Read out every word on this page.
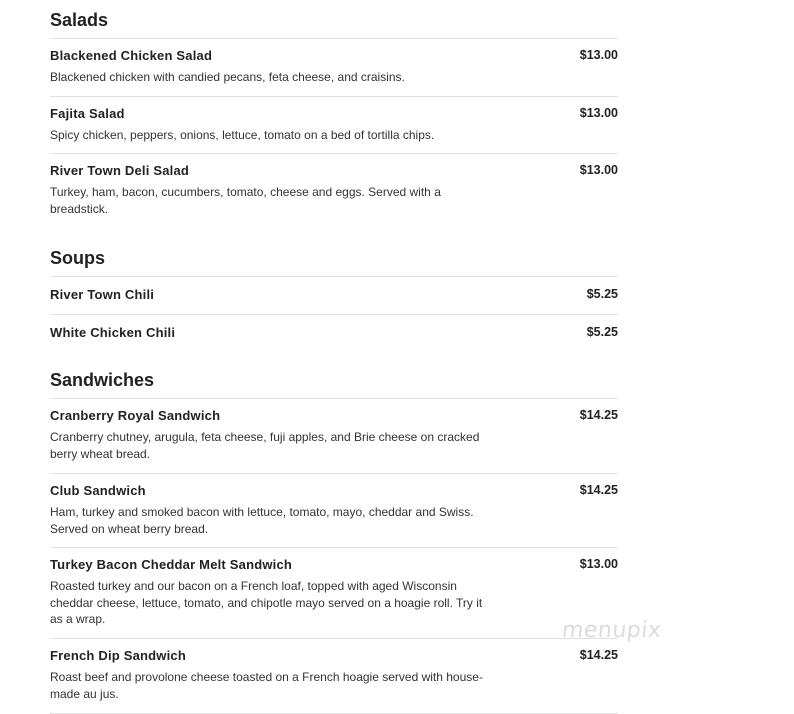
Salads
Blackened Chicken Salad	$13.00
Blackened chicken with candied pecans, feta cheese, and craisins.
Fajita Salad	$13.00
Spicy chicken, peppers, onions, lettuce, tomato on a bed of tortilla chips.
River Town Deli Salad	$13.00
Turkey, ham, bacon, cucumbers, tomato, cheese and eggs. Served with a breadstick.
Soups
River Town Chili	$5.25
White Chicken Chili	$5.25
Sandwiches
Cranberry Royal Sandwich	$14.25
Cranberry chutney, arugula, feta cheese, fuji apples, and Brie cheese on cracked berry wheat bread.
Club Sandwich	$14.25
Ham, turkey and smoked bacon with lettuce, tomato, mayo, cheddar and Swiss. Served on wheat berry bread.
Turkey Bacon Cheddar Melt Sandwich	$13.00
Roasted turkey and our bacon on a French loaf, topped with aged Wisconsin cheddar cheese, lettuce, tomato, and chipotle mayo served on a hoagie roll. Try it as a wrap.
French Dip Sandwich	$14.25
Roast beef and provolone cheese toasted on a French hoagie served with house-made au jus.
menupix
